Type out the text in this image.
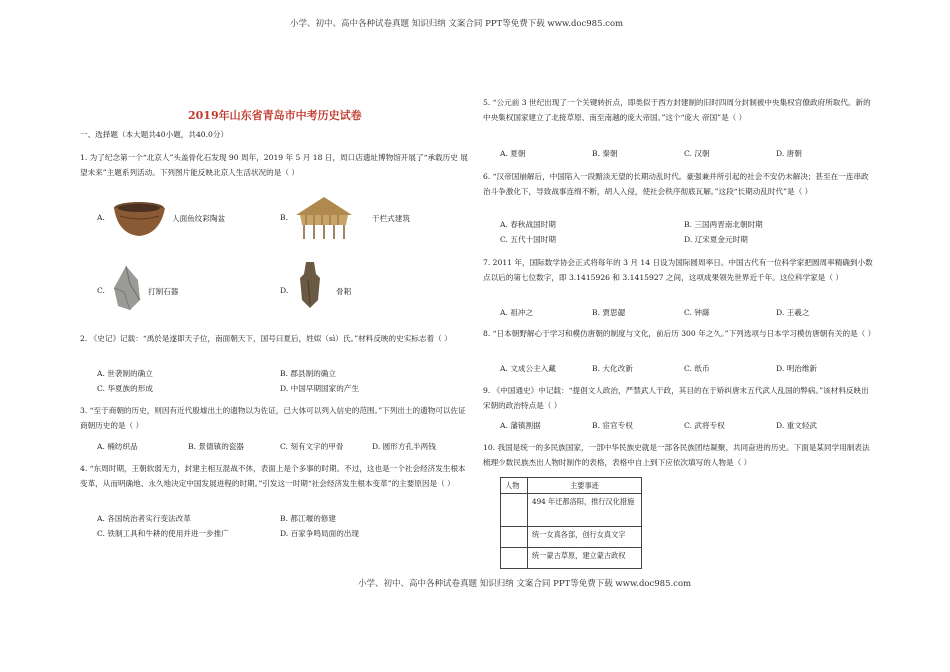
小学、初中、高中各种试卷真题 知识归纳 文案合同 PPT等免费下载 www.doc985.com
小学、初中、高中各种试卷真题 知识归纳 文案合同 PPT等免费下载 www.doc985.com
2019年山东省青岛市中考历史试卷
一、选择题（本大题共40小题，共40.0分）
1. 为了纪念第一个“北京人”头盖骨化石发现 90 周年，2019 年 5 月 18 日，周口店遗址博物馆开展了“承载历史 展望未来”主题系列活动。下列图片能反映北京人生活状况的是（ ）
A.	人面鱼纹彩陶盆	B.	干栏式建筑
C.	打制石器	D.	骨耜
2. 《史记》记载：“禹於是遂即天子位，南面朝天下，国号曰夏后，姓姒（sì）氏。”材料反映的史实标志着（ ）
A. 世袭制的确立	B. 郡县制的确立
C. 华夏族的形成	D. 中国早期国家的产生
3. “至于商朝的历史，则因有近代殷墟出土的遗物以为佐证，已大体可以列入信史的范围。”下列出土的遗物可以佐证商朝历史的是（ ）
A. 楠纺织品	B. 景德镇的瓷器	C. 刻有文字的甲骨	D. 圆形方孔半两钱
4. “东周时期，王朝软弱无力，封建主相互混战不休，表面上是个多事的时期。不过，这也是一个社会经济发生根本变革，从而明确地、永久地决定中国发展进程的时期。”引发这一时期“社会经济发生根本变革”的主要原因是（ ）
A. 各国统治者实行变法改革	B. 都江堰的修建
C. 铁制工具和牛耕的使用并进一步推广	D. 百家争鸣局面的出现
5. “公元前 3 世纪出现了一个关键转折点，即类似于西方封建制的旧时四周分封制被中央集权官僚政府所取代。新的中央集权国家建立了北接草原、南至南越的庞大帝国。”这个“庞大 帝国”是（ ）
A. 夏朝	B. 秦朝	C. 汉朝	D. 唐朝
6. “汉帝国崩解后，中国陷入一段黯淡无望的长期动乱时代。豪强兼并所引起的社会不安仍未解决；甚至在一连串政治斗争激化下，导致战事连绵不断，胡人入侵，使社会秩序彻底瓦解。”这段“长期动乱时代”是（ ）
A. 春秋战国时期	B. 三国两晋南北朝时期
C. 五代十国时期	D. 辽宋夏金元时期
7. 2011 年，国际数学协会正式将每年的 3 月 14 日设为国际圆周率日。中国古代有一位科学家把圆周率精确到小数点以后的第七位数字，即 3.1415926 和 3.1415927 之间，这项成果领先世界近千年。这位科学家是（ ）
A. 祖冲之	B. 贾思勰	C. 钟繇	D. 王羲之
8. “日本朝野解心于学习和模仿唐朝的制度与文化，前后历 300 年之久。”下列选项与日本学习模仿唐朝有关的是（ ）
A. 文成公主入藏	B. 大化改新	C. 纸币	D. 明治维新
9. 《中国通史》中记载：“提倡文人政治，严禁武人干政，其目的在于矫纠唐末五代武人乱国的弊病。”该材料反映出宋朝的政治特点是（ ）
A. 藩镇割据	B. 宦官专权	C. 武将专权	D. 重文轻武
10. 我国是统一的多民族国家，一部中华民族史就是一部各民族团结凝聚、共同奋进的历史。下面是某同学用制表法梳理少数民族杰出人物时制作的表格，表格中自上到下应依次填写的人物是（ ）
人物	主要事迹
	494 年迁都洛阳，推行汉化措施
	统一女真各部，创行女真文字
	统一蒙古草原，建立蒙古政权
